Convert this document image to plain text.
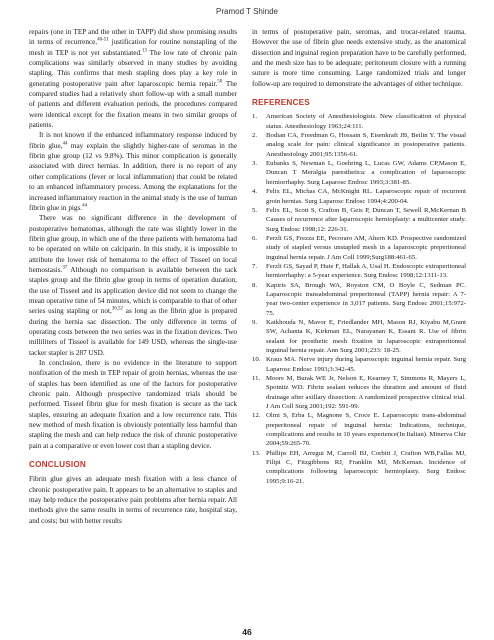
Pramod T Shinde

repairs (one in TEP and the other in TAPP) did show promising results in terms of recurrence,$^{40-51}$ justification for routine nonstapling of the mesh in TEP is not yet substantiated.$^{13}$ The low rate of chronic pain complications was similarly observed in many studies by avoiding stapling. This confirms that mesh stapling does play a key role in generating postoperative pain after laparoscopic hernia repair.$^{50}$ The compared studies had a relatively short follow-up with a small number of patients and different evaluation periods, the procedures compared were identical except for the fixation means in two similar groups of patients.

It is not known if the enhanced inflammatory response induced by fibrin glue,$^{44}$ may explain the slightly higher-rate of seromas in the fibrin glue group (12 vs 9.8%). This minor complication is generally associated with direct hernias. In addition, there is no report of any other complications (fever or local inflammation) that could be related to an enhanced inflammatory process. Among the explanations for the increased inflammatory reaction in the animal study is the use of human fibrin glue in pigs.$^{44}$

There was no significant difference in the development of postoperative hematomas, although the rate was slightly lower in the fibrin glue group, in which one of the three patients with hematoma had to be operated on while on calciparin. In this study, it is impossible to attribute the lower risk of hematoma to the effect of Tisseel on local hemostasis.$^{37}$ Although no comparison is available between the tack staples group and the fibrin glue group in terms of operation duration, the use of Tisseel and its application device did not seem to change the mean operative time of 54 minutes, which is comparable to that of other series using stapling or not,$^{36,52}$ as long as the fibrin glue is prepared during the hernia sac dissection. The only difference in terms of operating costs between the two series was in the fixation devices. Two milliliters of Tisseel is available for 149 USD, whereas the single-use tacker stapler is 287 USD.

In conclusion, there is no evidence in the literature to support nonfixation of the mesh in TEP repair of groin hernias, whereas the use of staples has been identified as one of the factors for postoperative chronic pain. Although prospective randomized trials should be performed. Tisseel fibrin glue for mesh fixation is secure as the tack staples, ensuring an adequate fixation and a low recurrence rate. This new method of mesh fixation is obviously potentially less harmful than stapling the mesh and can help reduce the risk of chronic postoperative pain at a comparative or even lower cost than a stapling device.

CONCLUSION

Fibrin glue gives an adequate mesh fixation with a less chance of chronic postoperative pain. It appears to be an alternative to staples and may help reduce the postoperative pain problems after hernia repair. All methods give the same results in terms of recurrence rate, hospital stay, and costs; but with better results

in terms of postoperative pain, seromas, and trocar-related trauma. However the use of fibrin glue needs extensive study, as the anatomical dissection and inguinal region preparation have to be carefully performed, and the mesh size has to be adequate; peritoneum closure with a running suture is more time consuming. Large randomized trials and longer follow-up are required to demonstrate the advantages of either technique.

REFERENCES
1. American Society of Anesthesiologists. New classification of physical status. Anesthesiology 1963;24:111.
2. Bodian CA, Freedman G, Hossain S, Eisenkraft JB, Beilin Y. The visual analog scale for pain: clinical significance in postoperative patients. Anesthesiology 2001;95:1356-61.
3. Eubanks S, Newman L, Goehring L, Lucas GW, Adams CP,Mason E, Duncan T Meralgia paresthetica: a complication of laparoscopic herniorrhaphy. Surg Laparosc Endosc 1993;3:381-85.
4. Felix EL, Michas CA, McKnight RL. Laparoscopic repair of recurrent groin hernias. Surg Laparosc Endosc 1994;4:200-04.
5. Felix EL, Scott S, Crafton B, Geis P, Duncan T, Sewell R,McKernan B Causes of recurrence after laparoscopic hernioplasty: a multicenter study. Surg Endosc 1998;12: 226-31.
6. Ferzli GS, Frezza EE, Pecoraro AM, Ahern KD. Prospective randomized study of stapled versus unstapled mesh in a laparoscopic preperitoneal inguinal hernia repair. J Am Coll 1999;Surg188:461-65.
7. Ferzli GS, Sayad P, Huie F, Hallak A, Usal H. Endoscopic extraperitoneal herniorrhaphy: a 5-year experience. Surg Endosc 1998;12:1311-13.
8. Kapiris SA, Brough WA, Royston CM, O Boyle C, Sedman PC. Laparoscopic transabdominal preperitoneal (TAPP) hernia repair: A 7-year two-center experience in 3,017 patients. Surg Endosc 2001;15:972-75.
9. Katkhouda N, Mavor E, Friedlander MH, Mason RJ, Kiyabu M,Grant SW, Achanta K, Kirkman EL, Narayanan K, Essani R. Use of fibrin sealant for prosthetic mesh fixation in laparoscopic extraperitoneal inguinal hernia repair. Ann Surg 2001;233: 18-25.
10. Kraus MA. Nerve injury during laparoscopic inguinal hernia repair. Surg Laparosc Endosc 1993;3:342-45.
11. Moore M, Burak WE Jr, Nelson E, Kearney T, Simmons R, Mayers L, Spotnitz WD. Fibrin sealant reduces the duration and amount of fluid drainage after axillary dissection: A randomized prospective clinical trial. J Am Coll Surg 2001;192: 591-99.
12. Olmi S, Erba L, Magnone S, Croce E. Laparoscopic trans-abdominal preperitoneal repair of inguinal hernia: Indications, technique, complications and results in 10 years experience(In Italian). Minerva Chir 2004;59:265-70.
13. Phillips EH, Arregui M, Carroll BJ, Corbitt J, Crafton WB,Fallas MJ, Filipi C, Fitzgibbons RJ, Franklin MJ, McKernan. Incidence of complications following laparoscopic hernioplasty. Surg Endosc 1995;9:16-21.
46
